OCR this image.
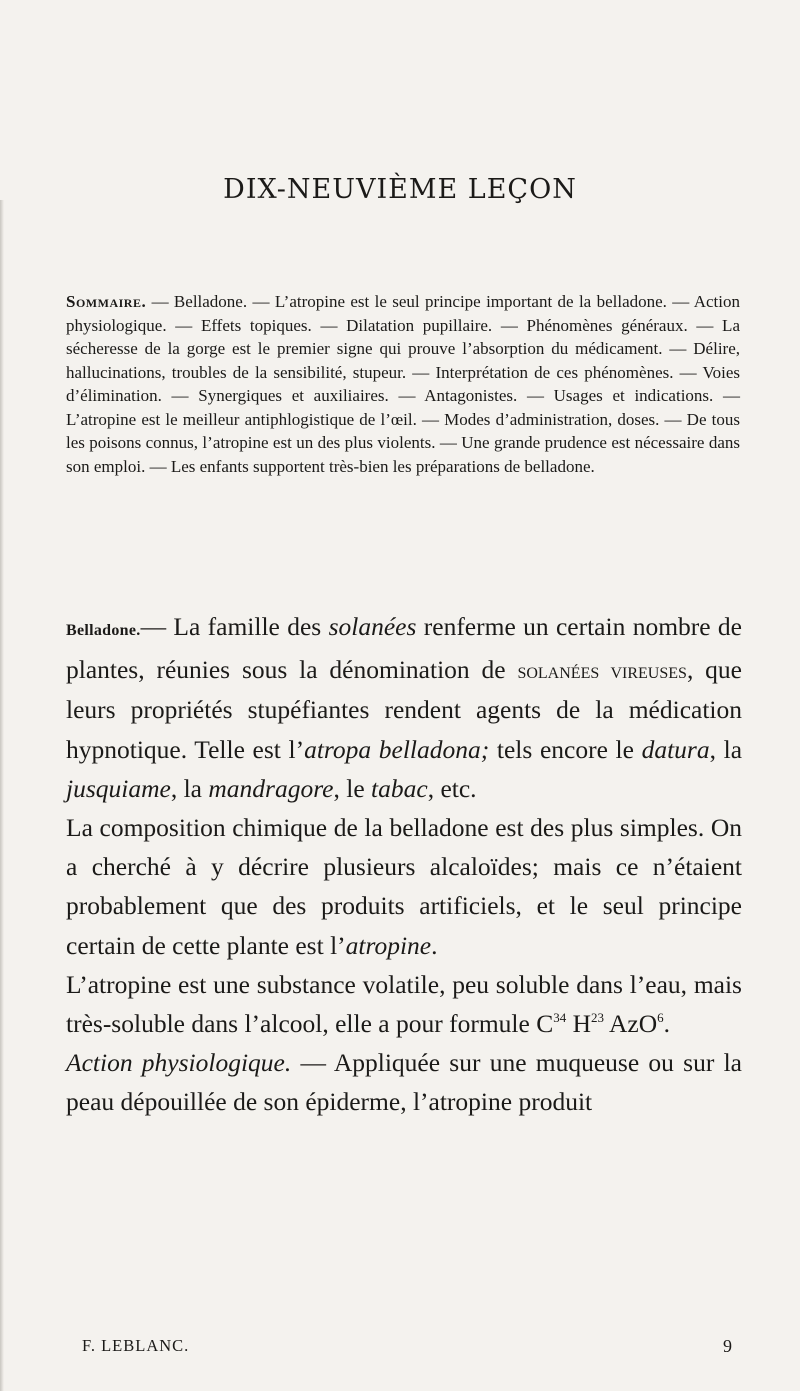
DIX-NEUVIÈME LEÇON

Sommaire. — Belladone. — L’atropine est le seul principe important de la belladone. — Action physiologique. — Effets topiques. — Dilatation pupillaire. — Phénomènes généraux. — La sécheresse de la gorge est le premier signe qui prouve l’absorption du médicament. — Délire, hallucinations, troubles de la sensibilité, stupeur. — Interprétation de ces phénomènes. — Voies d’élimination. — Synergiques et auxiliaires. — Antagonistes. — Usages et indications. — L’atropine est le meilleur antiphlogistique de l’œil. — Modes d’administration, doses. — De tous les poisons connus, l’atropine est un des plus violents. — Une grande prudence est nécessaire dans son emploi. — Les enfants supportent très-bien les préparations de belladone.

Belladone.— La famille des solanées renferme un certain nombre de plantes, réunies sous la dénomination de solanées vireuses, que leurs propriétés stupéfiantes rendent agents de la médication hypnotique. Telle est l’atropa belladona; tels encore le datura, la jusquiame, la mandragore, le tabac, etc.

La composition chimique de la belladone est des plus simples. On a cherché à y décrire plusieurs alcaloïdes; mais ce n’étaient probablement que des produits artificiels, et le seul principe certain de cette plante est l’atropine.

L’atropine est une substance volatile, peu soluble dans l’eau, mais très-soluble dans l’alcool, elle a pour formule $C^{34}$ $H^{23}$ AzO$^6$.

Action physiologique. — Appliquée sur une muqueuse ou sur la peau dépouillée de son épiderme, l’atropine produit

F. LEBLANC.	9
